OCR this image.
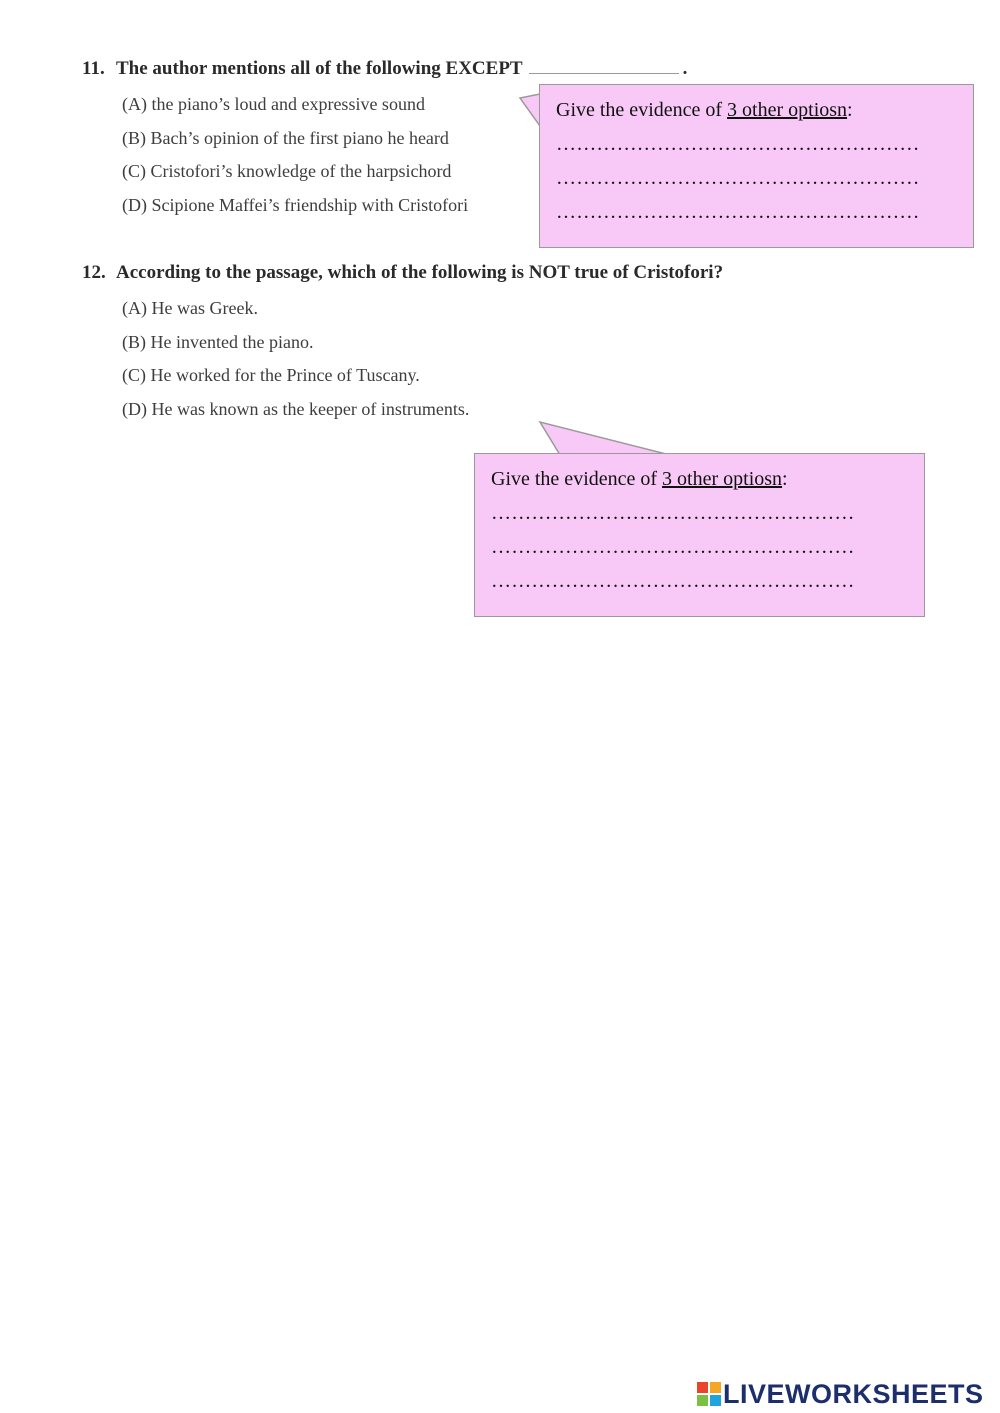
11. The author mentions all of the following EXCEPT	.
(A) the piano’s loud and expressive sound
(B) Bach’s opinion of the first piano he heard
(C) Cristofori’s knowledge of the harpsichord
(D) Scipione Maffei’s friendship with Cristofori
12. According to the passage, which of the following is NOT true of Cristofori?
(A) He was Greek.
(B) He invented the piano.
(C) He worked for the Prince of Tuscany.
(D) He was known as the keeper of instruments.
Give the evidence of 3 other optiosn:
………………………………………………
………………………………………………
………………………………………………
Give the evidence of 3 other optiosn:
………………………………………………
………………………………………………
………………………………………………
LIVEWORKSHEETS
